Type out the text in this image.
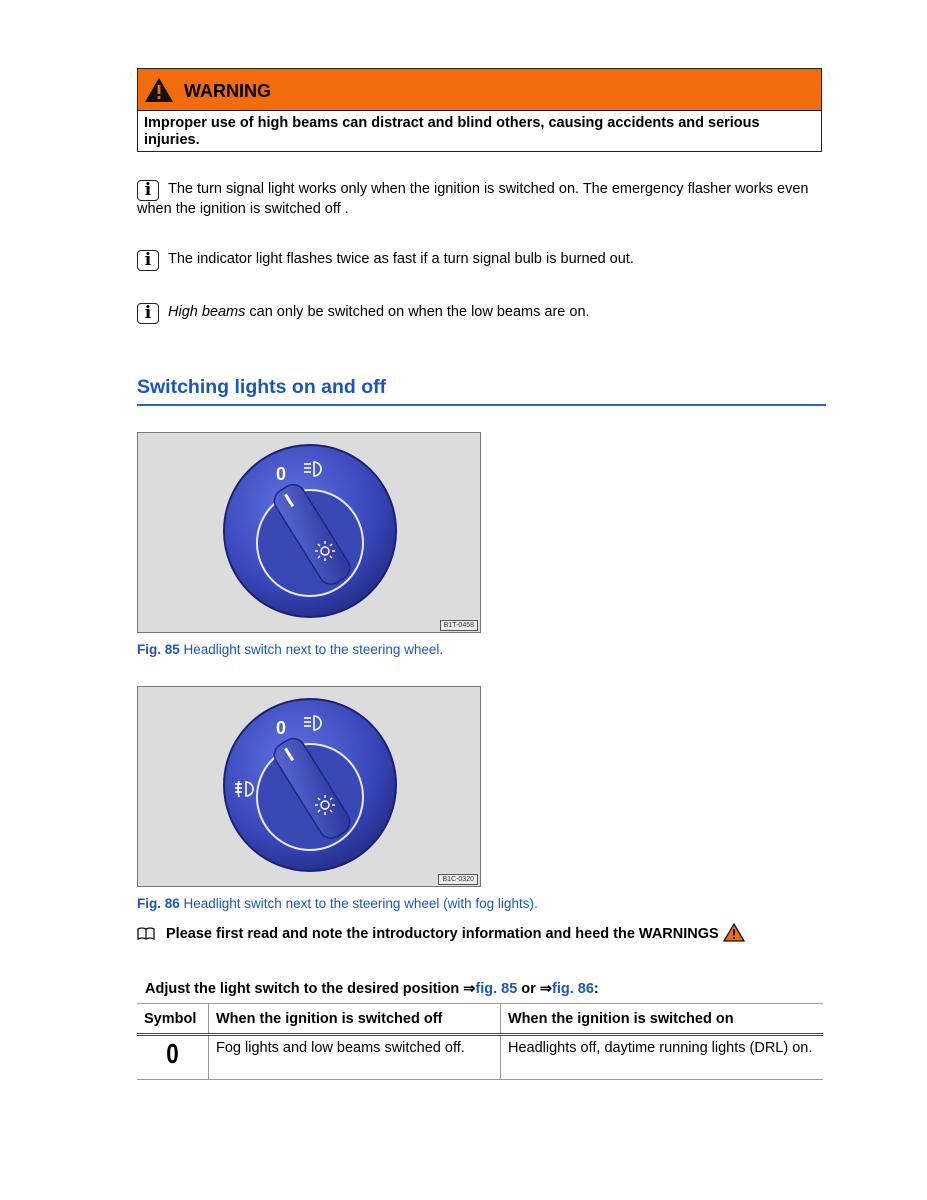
WARNING
Improper use of high beams can distract and blind others, causing accidents and serious injuries.
i The turn signal light works only when the ignition is switched on. The emergency flasher works even when the ignition is switched off .
i The indicator light flashes twice as fast if a turn signal bulb is burned out.
i High beams can only be switched on when the low beams are on.
Switching lights on and off
0
B1T-0458
Fig. 85 Headlight switch next to the steering wheel.
0
B1C-0320
Fig. 86 Headlight switch next to the steering wheel (with fog lights).
Please first read and note the introductory information and heed the WARNINGS
Adjust the light switch to the desired position ⇒fig. 85 or ⇒fig. 86:
Symbol	When the ignition is switched off	When the ignition is switched on

0	Fog lights and low beams switched off.	Headlights off, daytime running lights (DRL) on.
